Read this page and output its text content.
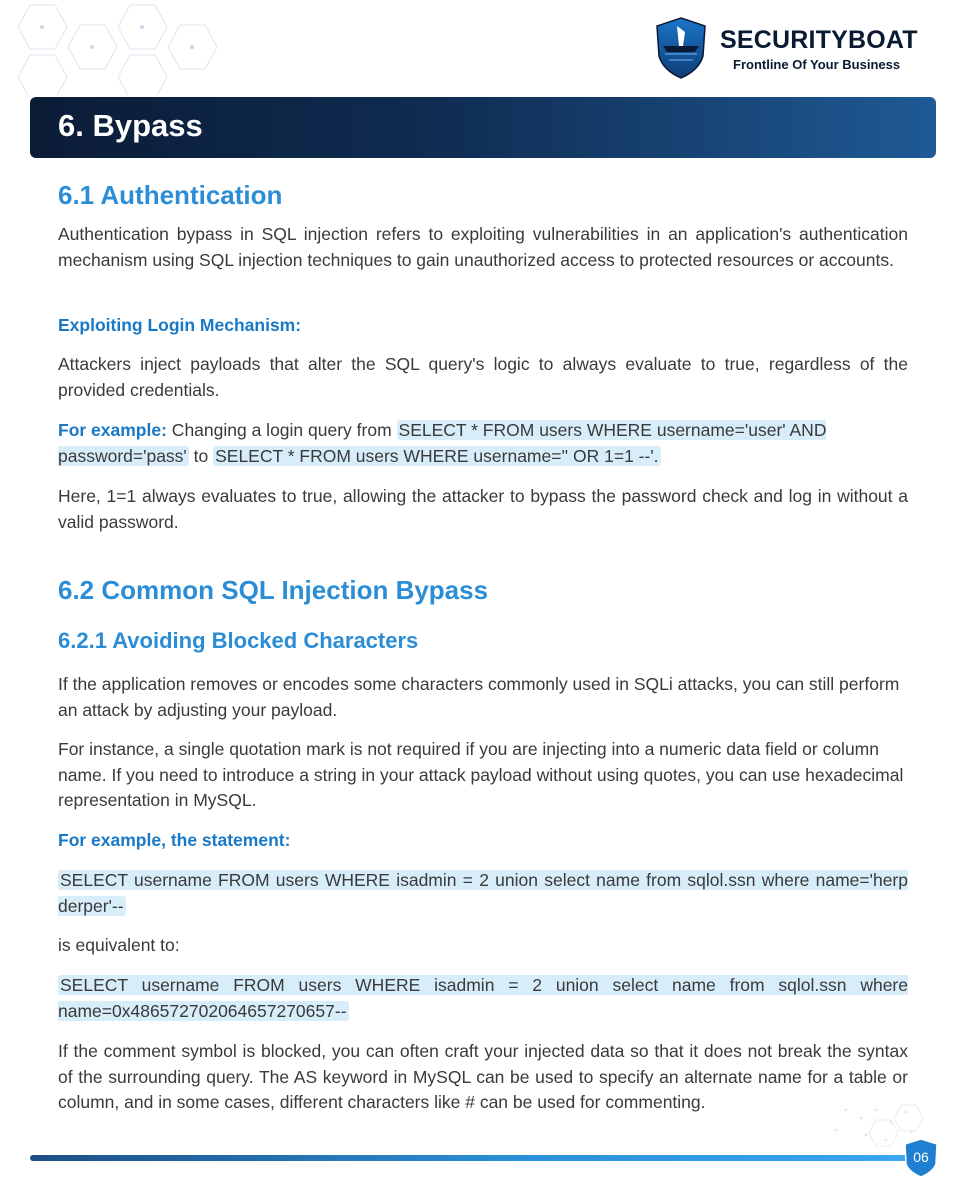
SECURITYBOAT
Frontline Of Your Business
6. Bypass
6.1 Authentication

Authentication bypass in SQL injection refers to exploiting vulnerabilities in an application's authentication mechanism using SQL injection techniques to gain unauthorized access to protected resources or accounts.

Exploiting Login Mechanism:

Attackers inject payloads that alter the SQL query's logic to always evaluate to true, regardless of the provided credentials.

For example: Changing a login query from SELECT * FROM users WHERE username='user' AND password='pass' to SELECT * FROM users WHERE username='' OR 1=1 --'.

Here, 1=1 always evaluates to true, allowing the attacker to bypass the password check and log in without a valid password.

6.2 Common SQL Injection Bypass
6.2.1 Avoiding Blocked Characters

If the application removes or encodes some characters commonly used in SQLi attacks, you can still perform an attack by adjusting your payload.

For instance, a single quotation mark is not required if you are injecting into a numeric data field or column name. If you need to introduce a string in your attack payload without using quotes, you can use hexadecimal representation in MySQL.

For example, the statement:

SELECT username FROM users WHERE isadmin = 2 union select name from sqlol.ssn where name='herp derper'--

is equivalent to:

SELECT username FROM users WHERE isadmin = 2 union select name from sqlol.ssn where name=0x486572702064657270657--

If the comment symbol is blocked, you can often craft your injected data so that it does not break the syntax of the surrounding query. The AS keyword in MySQL can be used to specify an alternate name for a table or column, and in some cases, different characters like # can be used for commenting.

06
